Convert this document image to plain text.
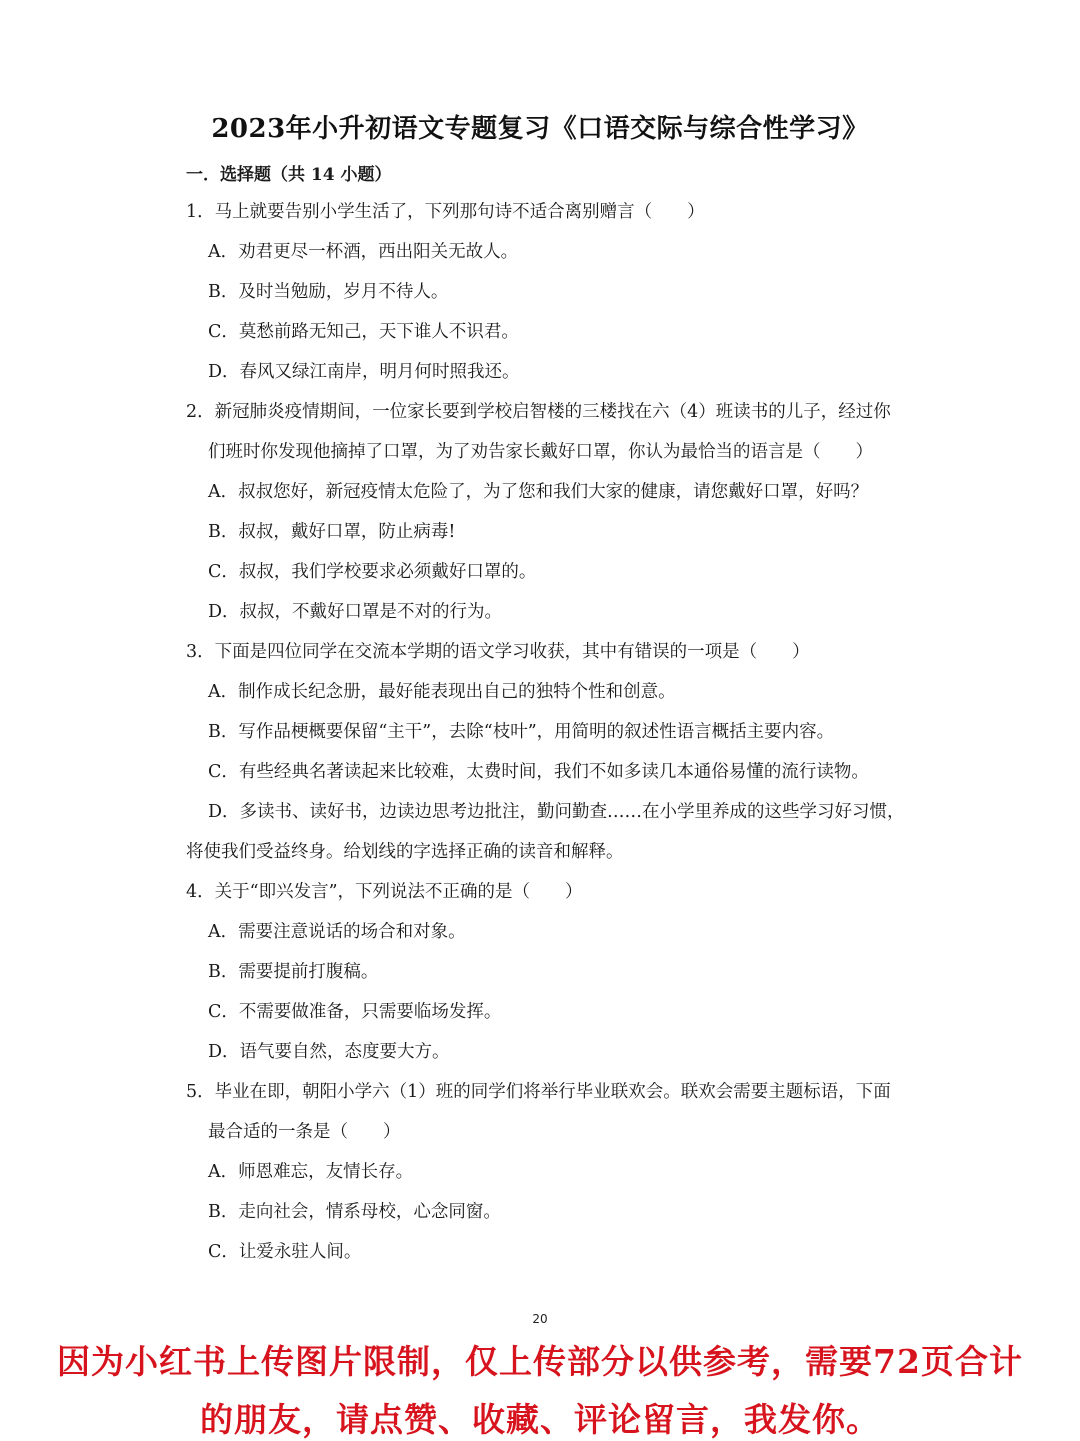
2023年小升初语文专题复习《口语交际与综合性学习》
一．选择题（共 14 小题）
1．马上就要告别小学生活了，下列那句诗不适合离别赠言（　　）
A．劝君更尽一杯酒，西出阳关无故人。
B．及时当勉励，岁月不待人。
C．莫愁前路无知己，天下谁人不识君。
D．春风又绿江南岸，明月何时照我还。
2．新冠肺炎疫情期间，一位家长要到学校启智楼的三楼找在六（4）班读书的儿子，经过你
们班时你发现他摘掉了口罩，为了劝告家长戴好口罩，你认为最恰当的语言是（　　）
A．叔叔您好，新冠疫情太危险了，为了您和我们大家的健康，请您戴好口罩，好吗？
B．叔叔，戴好口罩，防止病毒!
C．叔叔，我们学校要求必须戴好口罩的。
D．叔叔，不戴好口罩是不对的行为。
3．下面是四位同学在交流本学期的语文学习收获，其中有错误的一项是（　　）
A．制作成长纪念册，最好能表现出自己的独特个性和创意。
B．写作品梗概要保留“主干”，去除“枝叶”，用简明的叙述性语言概括主要内容。
C．有些经典名著读起来比较难，太费时间，我们不如多读几本通俗易懂的流行读物。
D．多读书、读好书，边读边思考边批注，勤问勤查……在小学里养成的这些学习好习惯，
将使我们受益终身。给划线的字选择正确的读音和解释。
4．关于“即兴发言”，下列说法不正确的是（　　）
A．需要注意说话的场合和对象。
B．需要提前打腹稿。
C．不需要做准备，只需要临场发挥。
D．语气要自然，态度要大方。
5．毕业在即，朝阳小学六（1）班的同学们将举行毕业联欢会。联欢会需要主题标语，下面
最合适的一条是（　　）
A．师恩难忘，友情长存。
B．走向社会，情系母校，心念同窗。
C．让爱永驻人间。
20
因为小红书上传图片限制，仅上传部分以供参考，需要72页合计
的朋友，请点赞、收藏、评论留言，我发你。
